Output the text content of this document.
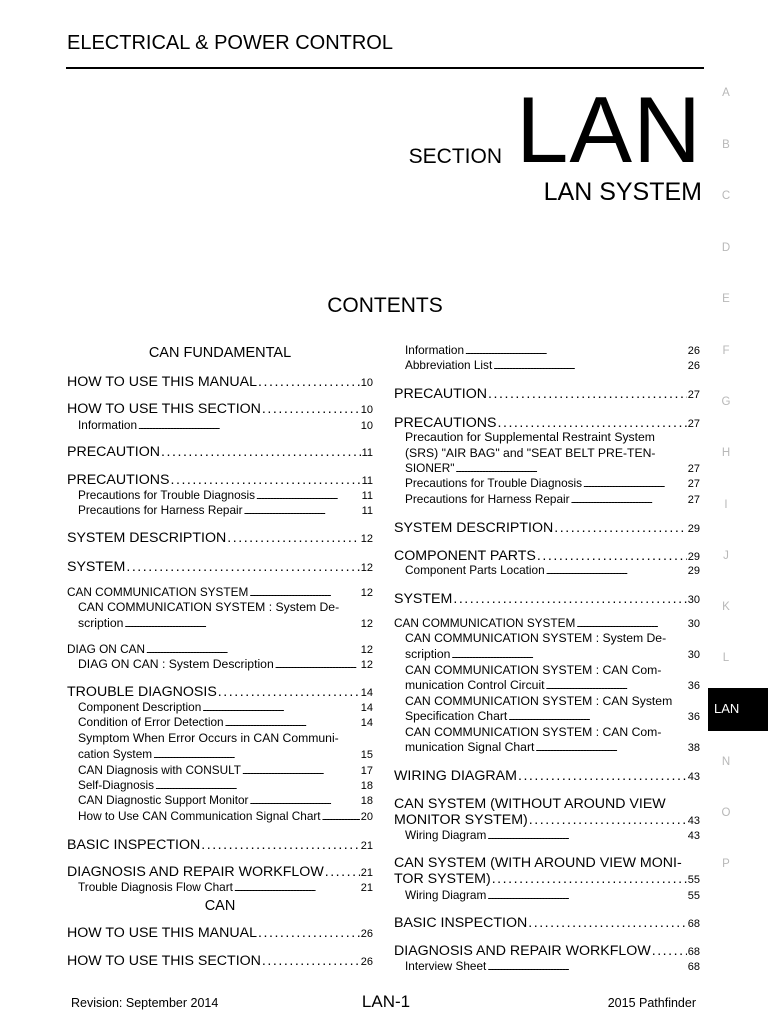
ELECTRICAL & POWER CONTROL
SECTION LAN
LAN SYSTEM
CONTENTS
A
B
C
D
E
F
G
H
I
J
K
L
N
O
P
LAN
CAN FUNDAMENTAL
HOW TO USE THIS MANUAL . . .	10
HOW TO USE THIS SECTION . . .	10
Information . . .	10
PRECAUTION . . .	11
PRECAUTIONS . . .	11
Precautions for Trouble Diagnosis . . .	11
Precautions for Harness Repair . . .	11
SYSTEM DESCRIPTION . . .	12
SYSTEM . . .	12
CAN COMMUNICATION SYSTEM . . .	12
CAN COMMUNICATION SYSTEM : System De-
scription . . .	12
DIAG ON CAN . . .	12
DIAG ON CAN : System Description . . .	12
TROUBLE DIAGNOSIS . . .	14
Component Description . . .	14
Condition of Error Detection . . .	14
Symptom When Error Occurs in CAN Communi-
cation System . . .	15
CAN Diagnosis with CONSULT . . .	17
Self-Diagnosis . . .	18
CAN Diagnostic Support Monitor . . .	18
How to Use CAN Communication Signal Chart . . .	20
BASIC INSPECTION . . .	21
DIAGNOSIS AND REPAIR WORKFLOW . . .	21
Trouble Diagnosis Flow Chart . . .	21
CAN
HOW TO USE THIS MANUAL . . .	26
HOW TO USE THIS SECTION . . .	26
Information . . .	26
Abbreviation List . . .	26
PRECAUTION . . .	27
PRECAUTIONS . . .	27
Precaution for Supplemental Restraint System
(SRS) "AIR BAG" and "SEAT BELT PRE-TEN-
SIONER" . . .	27
Precautions for Trouble Diagnosis . . .	27
Precautions for Harness Repair . . .	27
SYSTEM DESCRIPTION . . .	29
COMPONENT PARTS . . .	29
Component Parts Location . . .	29
SYSTEM . . .	30
CAN COMMUNICATION SYSTEM . . .	30
CAN COMMUNICATION SYSTEM : System De-
scription . . .	30
CAN COMMUNICATION SYSTEM : CAN Com-
munication Control Circuit . . .	36
CAN COMMUNICATION SYSTEM : CAN System
Specification Chart . . .	36
CAN COMMUNICATION SYSTEM : CAN Com-
munication Signal Chart . . .	38
WIRING DIAGRAM . . .	43
CAN SYSTEM (WITHOUT AROUND VIEW
MONITOR SYSTEM) . . .	43
Wiring Diagram . . .	43
CAN SYSTEM (WITH AROUND VIEW MONI-
TOR SYSTEM) . . .	55
Wiring Diagram . . .	55
BASIC INSPECTION . . .	68
DIAGNOSIS AND REPAIR WORKFLOW . . .	68
Interview Sheet . . .	68
Revision: September 2014	LAN-1	2015 Pathfinder
